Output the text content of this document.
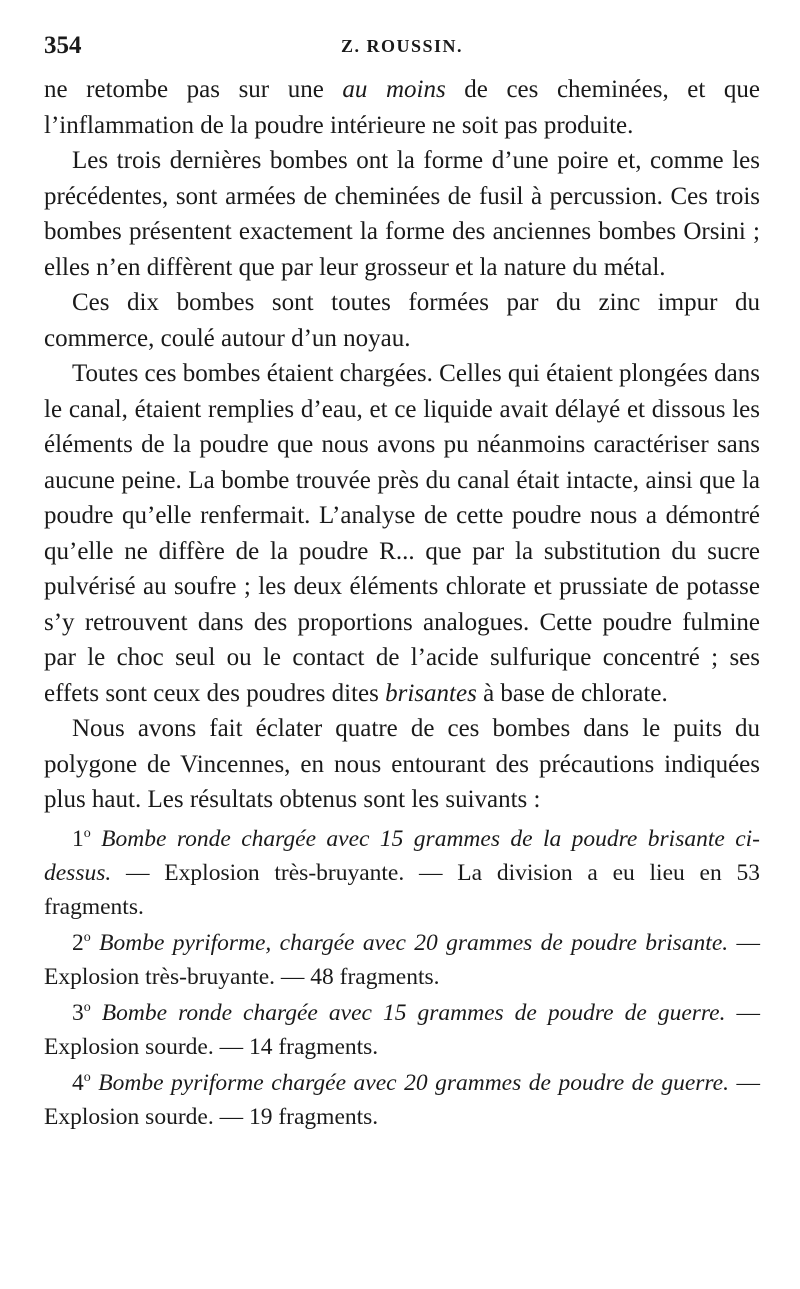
354	Z. ROUSSIN.

ne retombe pas sur une au moins de ces cheminées, et que l’inflammation de la poudre intérieure ne soit pas produite.

Les trois dernières bombes ont la forme d’une poire et, comme les précédentes, sont armées de cheminées de fusil à percussion. Ces trois bombes présentent exactement la forme des anciennes bombes Orsini ; elles n’en diffèrent que par leur grosseur et la nature du métal.

Ces dix bombes sont toutes formées par du zinc impur du commerce, coulé autour d’un noyau.

Toutes ces bombes étaient chargées. Celles qui étaient plongées dans le canal, étaient remplies d’eau, et ce liquide avait délayé et dissous les éléments de la poudre que nous avons pu néanmoins caractériser sans aucune peine. La bombe trouvée près du canal était intacte, ainsi que la poudre qu’elle renfermait. L’analyse de cette poudre nous a démontré qu’elle ne diffère de la poudre R... que par la substitution du sucre pulvérisé au soufre ; les deux éléments chlorate et prussiate de potasse s’y retrouvent dans des proportions analogues. Cette poudre fulmine par le choc seul ou le contact de l’acide sulfurique concentré ; ses effets sont ceux des poudres dites brisantes à base de chlorate.

Nous avons fait éclater quatre de ces bombes dans le puits du polygone de Vincennes, en nous entourant des précautions indiquées plus haut. Les résultats obtenus sont les suivants :

1$^o$ Bombe ronde chargée avec 15 grammes de la poudre brisante ci-dessus. — Explosion très-bruyante. — La division a eu lieu en 53 fragments.

2$^o$ Bombe pyriforme, chargée avec 20 grammes de poudre brisante. — Explosion très-bruyante. — 48 fragments.

3$^o$ Bombe ronde chargée avec 15 grammes de poudre de guerre. — Explosion sourde. — 14 fragments.

4$^o$ Bombe pyriforme chargée avec 20 grammes de poudre de guerre. — Explosion sourde. — 19 fragments.
